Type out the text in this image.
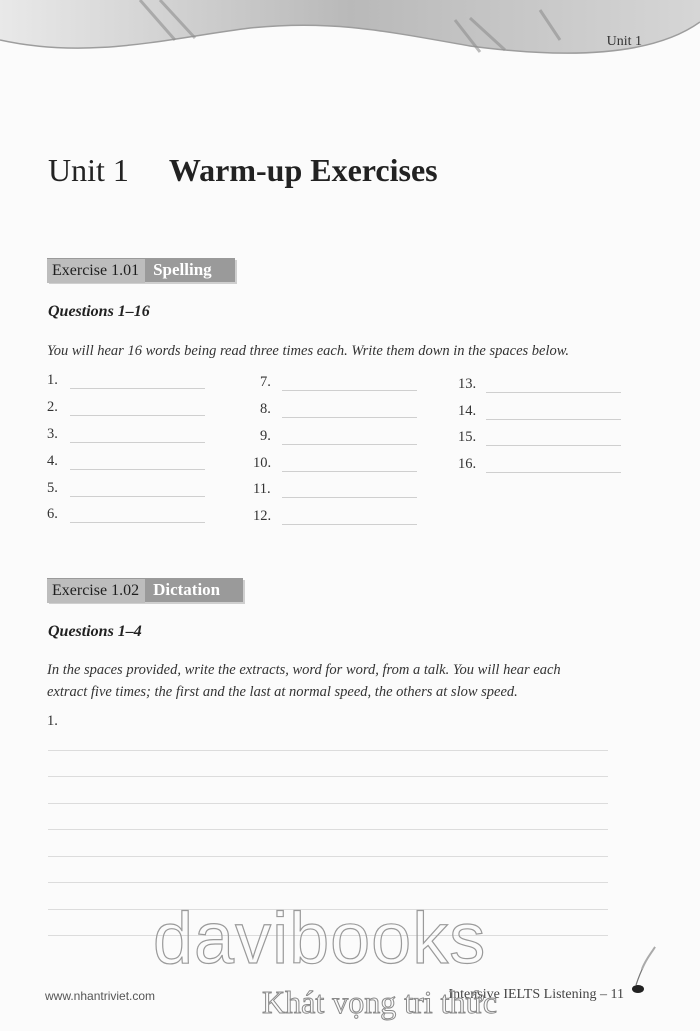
Unit 1
Unit 1 Warm-up Exercises
Exercise 1.01 Spelling
Questions 1–16
You will hear 16 words being read three times each. Write them down in the spaces below.
1.
2.
3.
4.
5.
6.
7.
8.
9.
10.
11.
12.
13.
14.
15.
16.
Exercise 1.02 Dictation
Questions 1–4
In the spaces provided, write the extracts, word for word, from a talk. You will hear each
extract five times; the first and the last at normal speed, the others at slow speed.
1.
www.nhantriviet.com	Intensive IELTS Listening – 11
davibooks
Khát vọng tri thức
